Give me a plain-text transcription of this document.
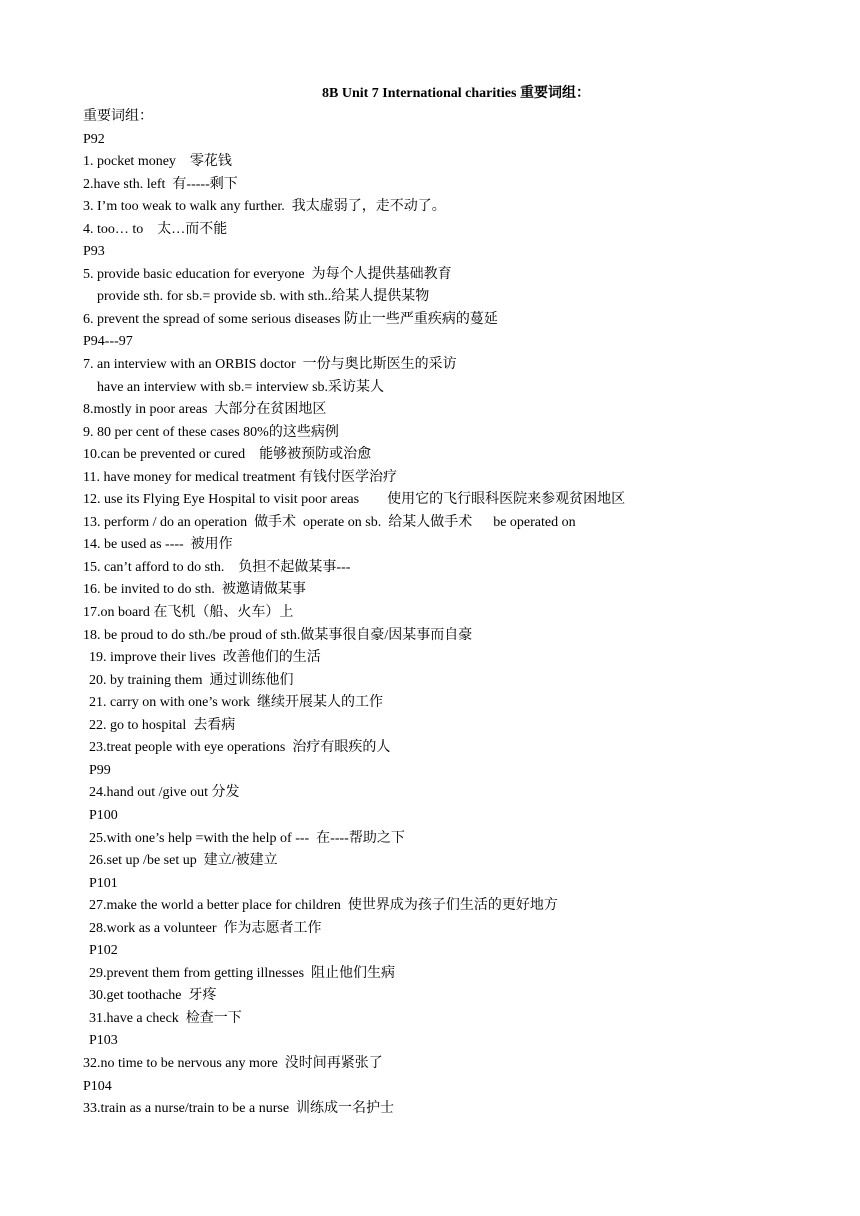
8B Unit 7 International charities 重要词组：
重要词组：
P92
1. pocket money    零花钱
2.have sth. left  有-----剩下
3. I’m too weak to walk any further.  我太虚弱了，走不动了。
4. too… to    太…而不能
P93
5. provide basic education for everyone  为每个人提供基础教育
provide sth. for sb.= provide sb. with sth..给某人提供某物
6. prevent the spread of some serious diseases 防止一些严重疾病的蔓延
P94---97
7. an interview with an ORBIS doctor  一份与奥比斯医生的采访
have an interview with sb.= interview sb.采访某人
8.mostly in poor areas  大部分在贫困地区
9. 80 per cent of these cases 80%的这些病例
10.can be prevented or cured    能够被预防或治愈
11. have money for medical treatment 有钱付医学治疗
12. use its Flying Eye Hospital to visit poor areas        使用它的飞行眼科医院来参观贫困地区
13. perform / do an operation  做手术  operate on sb.  给某人做手术      be operated on
14. be used as ----  被用作
15. can’t afford to do sth.    负担不起做某事---
16. be invited to do sth.  被邀请做某事
17.on board 在飞机（船、火车）上
18. be proud to do sth./be proud of sth.做某事很自豪/因某事而自豪
19. improve their lives  改善他们的生活
20. by training them  通过训练他们
21. carry on with one’s work  继续开展某人的工作
22. go to hospital  去看病
23.treat people with eye operations  治疗有眼疾的人
P99
24.hand out /give out 分发
P100
25.with one’s help =with the help of ---  在----帮助之下
26.set up /be set up  建立/被建立
P101
27.make the world a better place for children  使世界成为孩子们生活的更好地方
28.work as a volunteer  作为志愿者工作
P102
29.prevent them from getting illnesses  阻止他们生病
30.get toothache  牙疼
31.have a check  检查一下
P103
32.no time to be nervous any more  没时间再紧张了
P104
33.train as a nurse/train to be a nurse  训练成一名护士
